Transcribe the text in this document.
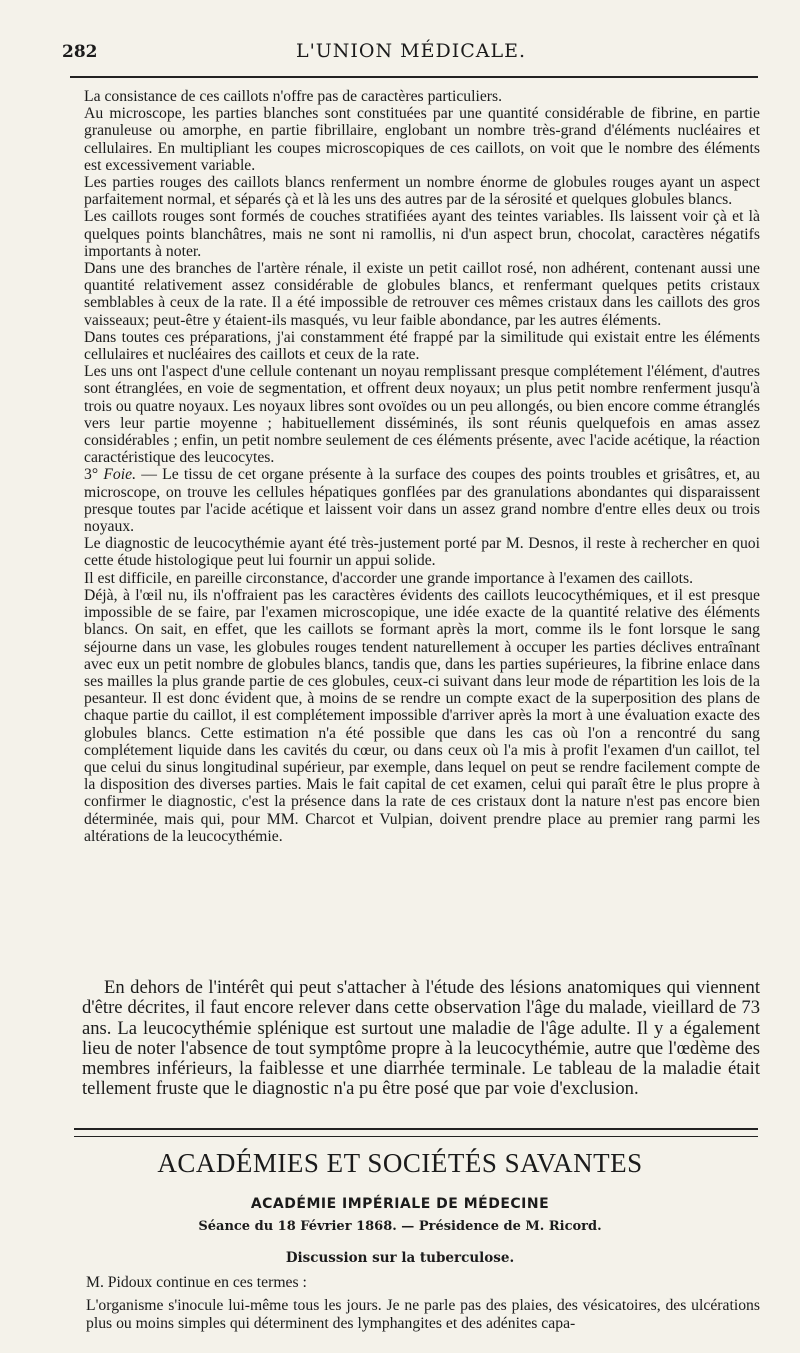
282	L'UNION MÉDICALE.

La consistance de ces caillots n'offre pas de caractères particuliers.

Au microscope, les parties blanches sont constituées par une quantité considérable de fibrine, en partie granuleuse ou amorphe, en partie fibrillaire, englobant un nombre très-grand d'éléments nucléaires et cellulaires. En multipliant les coupes microscopiques de ces caillots, on voit que le nombre des éléments est excessivement variable.

Les parties rouges des caillots blancs renferment un nombre énorme de globules rouges ayant un aspect parfaitement normal, et séparés çà et là les uns des autres par de la sérosité et quelques globules blancs.

Les caillots rouges sont formés de couches stratifiées ayant des teintes variables. Ils laissent voir çà et là quelques points blanchâtres, mais ne sont ni ramollis, ni d'un aspect brun, chocolat, caractères négatifs importants à noter.

Dans une des branches de l'artère rénale, il existe un petit caillot rosé, non adhérent, contenant aussi une quantité relativement assez considérable de globules blancs, et renfermant quelques petits cristaux semblables à ceux de la rate. Il a été impossible de retrouver ces mêmes cristaux dans les caillots des gros vaisseaux; peut-être y étaient-ils masqués, vu leur faible abondance, par les autres éléments.

Dans toutes ces préparations, j'ai constamment été frappé par la similitude qui existait entre les éléments cellulaires et nucléaires des caillots et ceux de la rate.

Les uns ont l'aspect d'une cellule contenant un noyau remplissant presque complétement l'élément, d'autres sont étranglées, en voie de segmentation, et offrent deux noyaux; un plus petit nombre renferment jusqu'à trois ou quatre noyaux. Les noyaux libres sont ovoïdes ou un peu allongés, ou bien encore comme étranglés vers leur partie moyenne ; habituellement disséminés, ils sont réunis quelquefois en amas assez considérables ; enfin, un petit nombre seulement de ces éléments présente, avec l'acide acétique, la réaction caractéristique des leucocytes.

3° Foie. — Le tissu de cet organe présente à la surface des coupes des points troubles et grisâtres, et, au microscope, on trouve les cellules hépatiques gonflées par des granulations abondantes qui disparaissent presque toutes par l'acide acétique et laissent voir dans un assez grand nombre d'entre elles deux ou trois noyaux.

Le diagnostic de leucocythémie ayant été très-justement porté par M. Desnos, il reste à rechercher en quoi cette étude histologique peut lui fournir un appui solide.

Il est difficile, en pareille circonstance, d'accorder une grande importance à l'examen des caillots.

Déjà, à l'œil nu, ils n'offraient pas les caractères évidents des caillots leucocythémiques, et il est presque impossible de se faire, par l'examen microscopique, une idée exacte de la quantité relative des éléments blancs. On sait, en effet, que les caillots se formant après la mort, comme ils le font lorsque le sang séjourne dans un vase, les globules rouges tendent naturellement à occuper les parties déclives entraînant avec eux un petit nombre de globules blancs, tandis que, dans les parties supérieures, la fibrine enlace dans ses mailles la plus grande partie de ces globules, ceux-ci suivant dans leur mode de répartition les lois de la pesanteur. Il est donc évident que, à moins de se rendre un compte exact de la superposition des plans de chaque partie du caillot, il est complétement impossible d'arriver après la mort à une évaluation exacte des globules blancs. Cette estimation n'a été possible que dans les cas où l'on a rencontré du sang complétement liquide dans les cavités du cœur, ou dans ceux où l'a mis à profit l'examen d'un caillot, tel que celui du sinus longitudinal supérieur, par exemple, dans lequel on peut se rendre facilement compte de la disposition des diverses parties. Mais le fait capital de cet examen, celui qui paraît être le plus propre à confirmer le diagnostic, c'est la présence dans la rate de ces cristaux dont la nature n'est pas encore bien déterminée, mais qui, pour MM. Charcot et Vulpian, doivent prendre place au premier rang parmi les altérations de la leucocythémie.

En dehors de l'intérêt qui peut s'attacher à l'étude des lésions anatomiques qui viennent d'être décrites, il faut encore relever dans cette observation l'âge du malade, vieillard de 73 ans. La leucocythémie splénique est surtout une maladie de l'âge adulte. Il y a également lieu de noter l'absence de tout symptôme propre à la leucocythémie, autre que l'œdème des membres inférieurs, la faiblesse et une diarrhée terminale. Le tableau de la maladie était tellement fruste que le diagnostic n'a pu être posé que par voie d'exclusion.

ACADÉMIES ET SOCIÉTÉS SAVANTES
ACADÉMIE IMPÉRIALE DE MÉDECINE
Séance du 18 Février 1868. — Présidence de M. Ricord.
Discussion sur la tuberculose.
M. Pidoux continue en ces termes :

L'organisme s'inocule lui-même tous les jours. Je ne parle pas des plaies, des vésicatoires, des ulcérations plus ou moins simples qui déterminent des lymphangites et des adénites capa-
